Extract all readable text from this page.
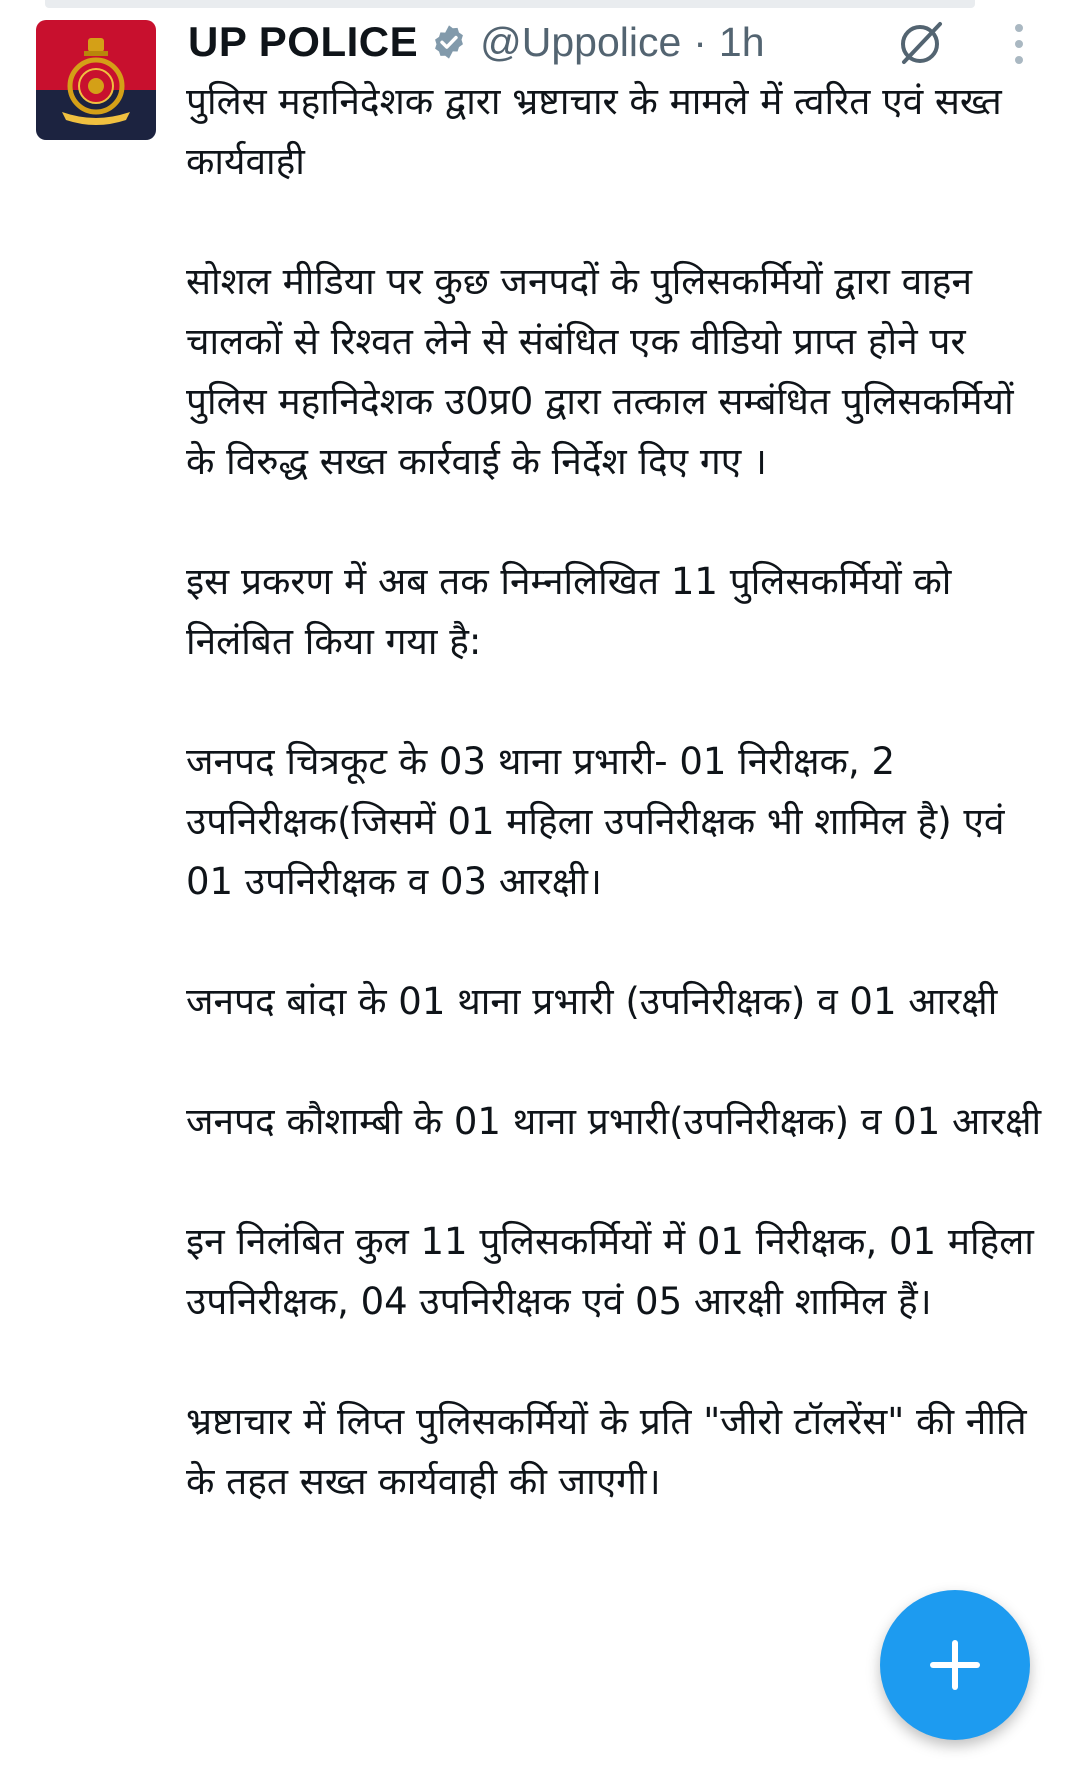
UP POLICE @Uppolice · 1h

पुलिस महानिदेशक द्वारा भ्रष्टाचार के मामले में त्वरित एवं सख्त कार्यवाही

सोशल मीडिया पर कुछ जनपदों के पुलिसकर्मियों द्वारा वाहन चालकों से रिश्वत लेने से संबंधित एक वीडियो प्राप्त होने पर पुलिस महानिदेशक उ0प्र0 द्वारा तत्काल सम्बंधित पुलिसकर्मियों के विरुद्ध सख्त कार्रवाई के निर्देश दिए गए ।

इस प्रकरण में अब तक निम्नलिखित 11 पुलिसकर्मियों को निलंबित किया गया है:

जनपद चित्रकूट के 03 थाना प्रभारी- 01 निरीक्षक, 2 उपनिरीक्षक(जिसमें 01 महिला उपनिरीक्षक भी शामिल है) एवं 01 उपनिरीक्षक व 03 आरक्षी।

जनपद बांदा के 01 थाना प्रभारी (उपनिरीक्षक) व 01 आरक्षी

जनपद कौशाम्बी के 01 थाना प्रभारी(उपनिरीक्षक) व 01 आरक्षी

इन निलंबित कुल 11 पुलिसकर्मियों में 01 निरीक्षक, 01 महिला उपनिरीक्षक, 04 उपनिरीक्षक एवं 05 आरक्षी शामिल हैं।

भ्रष्टाचार में लिप्त पुलिसकर्मियों के प्रति "जीरो टॉलरेंस" की नीति के तहत सख्त कार्यवाही की जाएगी।
